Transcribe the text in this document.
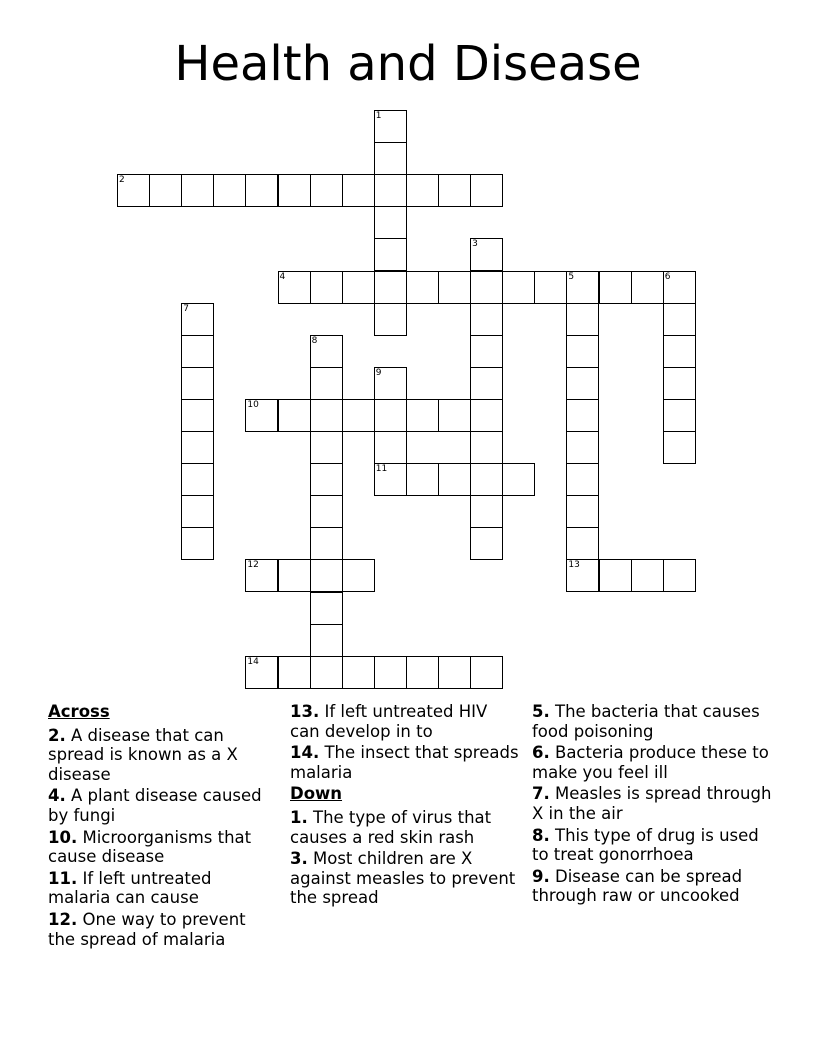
Health and Disease
1
2
3
4	5	6
7
8
9
11
10
12	13
14
Across
2. A disease that can spread is known as a X disease
4. A plant disease caused by fungi
10. Microorganisms that cause disease
11. If left untreated malaria can cause
12. One way to prevent the spread of malaria
13. If left untreated HIV can develop in to
14. The insect that spreads malaria
Down
1. The type of virus that causes a red skin rash
3. Most children are X against measles to prevent the spread
5. The bacteria that causes food poisoning
6. Bacteria produce these to make you feel ill
7. Measles is spread through X in the air
8. This type of drug is used to treat gonorrhoea
9. Disease can be spread through raw or uncooked
